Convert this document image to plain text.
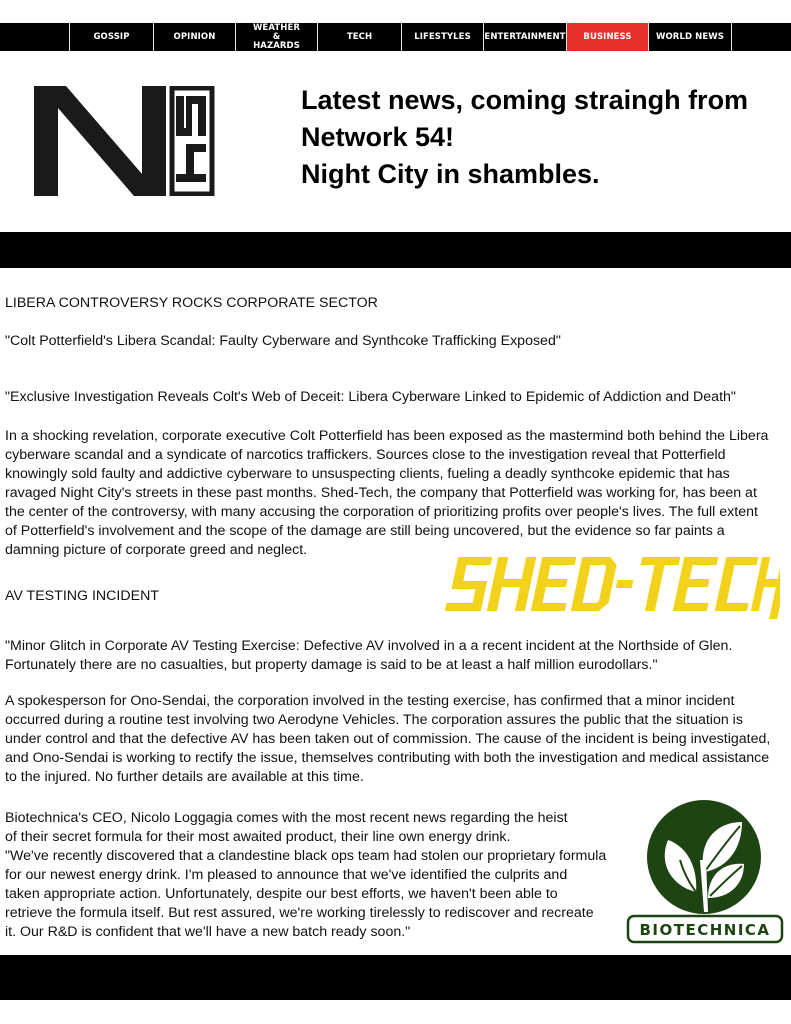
GOSSIP	OPINION
WEATHER & HAZARDS
TECH	LIFESTYLES	ENTERTAINMENT	BUSINESS	WORLD NEWS
Latest news, coming straingh from
Network 54!
Night City in shambles.
LIBERA CONTROVERSY ROCKS CORPORATE SECTOR
"Colt Potterfield's Libera Scandal: Faulty Cyberware and Synthcoke Trafficking Exposed"
"Exclusive Investigation Reveals Colt's Web of Deceit: Libera Cyberware Linked to Epidemic of Addiction and Death"
In a shocking revelation, corporate executive Colt Potterfield has been exposed as the mastermind both behind the Libera
cyberware scandal and a syndicate of narcotics traffickers. Sources close to the investigation reveal that Potterfield
knowingly sold faulty and addictive cyberware to unsuspecting clients, fueling a deadly synthcoke epidemic that has
ravaged Night City's streets in these past months. Shed-Tech, the company that Potterfield was working for, has been at
the center of the controversy, with many accusing the corporation of prioritizing profits over people's lives. The full extent
of Potterfield's involvement and the scope of the damage are still being uncovered, but the evidence so far paints a
damning picture of corporate greed and neglect.	SHED-TECH
AV TESTING INCIDENT
"Minor Glitch in Corporate AV Testing Exercise: Defective AV involved in a a recent incident at the Northside of Glen.
Fortunately there are no casualties, but property damage is said to be at least a half million eurodollars."
A spokesperson for Ono-Sendai, the corporation involved in the testing exercise, has confirmed that a minor incident
occurred during a routine test involving two Aerodyne Vehicles. The corporation assures the public that the situation is
under control and that the defective AV has been taken out of commission. The cause of the incident is being investigated,
and Ono-Sendai is working to rectify the issue, themselves contributing with both the investigation and medical assistance
to the injured. No further details are available at this time.
Biotechnica's CEO, Nicolo Loggagia comes with the most recent news regarding the heist
of their secret formula for their most awaited product, their line own energy drink.
"We've recently discovered that a clandestine black ops team had stolen our proprietary formula
for our newest energy drink. I'm pleased to announce that we've identified the culprits and
taken appropriate action. Unfortunately, despite our best efforts, we haven't been able to
retrieve the formula itself. But rest assured, we're working tirelessly to rediscover and recreate
it. Our R&D is confident that we'll have a new batch ready soon."	BIOTECHNICA
